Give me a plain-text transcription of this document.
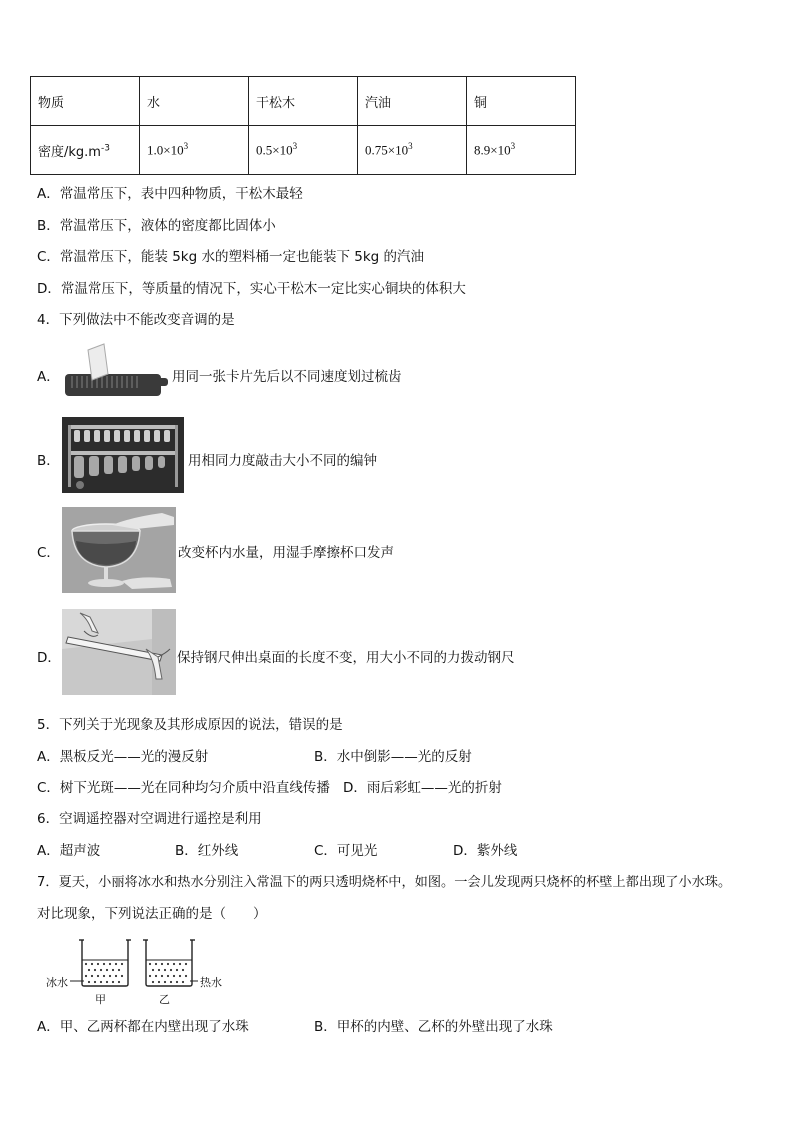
物质	水	干松木	汽油	铜
密度$/kg.m^{-3}$	$1.0\times 10^3$	$0.5\times 10^3$	$0.75\times 10^3$	$8.9\times 10^3$
A．常温常压下，表中四种物质，干松木最轻
B．常温常压下，液体的密度都比固体小
C．常温常压下，能装 5kg 水的塑料桶一定也能装下 5kg 的汽油
D．常温常压下，等质量的情况下，实心干松木一定比实心铜块的体积大
4．下列做法中不能改变音调的是
A．	用同一张卡片先后以不同速度划过梳齿
B．	用相同力度敲击大小不同的编钟
C．	改变杯内水量，用湿手摩擦杯口发声
D．	保持钢尺伸出桌面的长度不变，用大小不同的力拨动钢尺
5．下列关于光现象及其形成原因的说法，错误的是
A．黑板反光——光的漫反射	B．水中倒影——光的反射
C．树下光斑——光在同种均匀介质中沿直线传播 D．雨后彩虹——光的折射
6．空调遥控器对空调进行遥控是利用
A．超声波	B．红外线	C．可见光	D．紫外线
7．夏天，小丽将冰水和热水分别注入常温下的两只透明烧杯中，如图。一会儿发现两只烧杯的杯壁上都出现了小水珠。
对比现象，下列说法正确的是（　　）
冰水	热水
甲	乙
A．甲、乙两杯都在内壁出现了水珠	B．甲杯的内壁、乙杯的外壁出现了水珠
